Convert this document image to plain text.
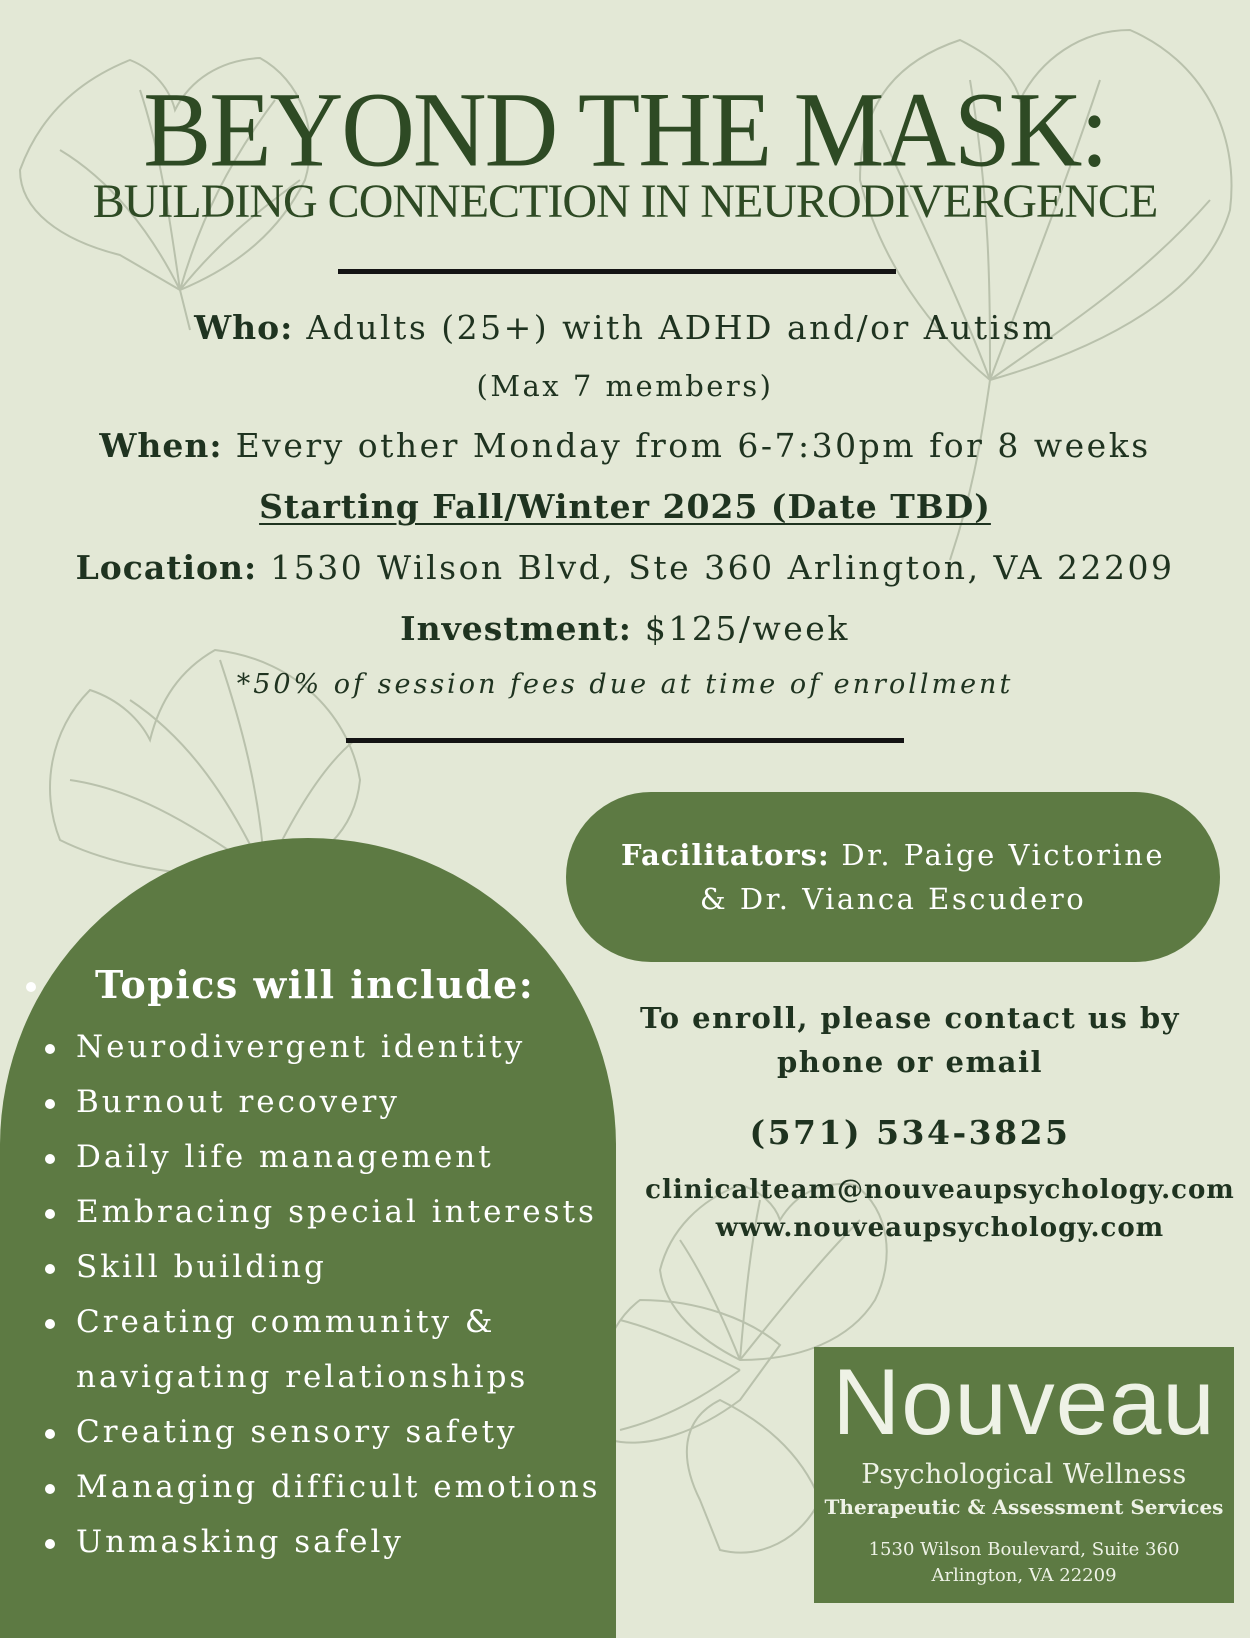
BEYOND THE MASK:
BUILDING CONNECTION IN NEURODIVERGENCE
Who: Adults (25+) with ADHD and/or Autism
(Max 7 members)
When: Every other Monday from 6-7:30pm for 8 weeks
Starting Fall/Winter 2025 (Date TBD)
Location: 1530 Wilson Blvd, Ste 360 Arlington, VA 22209
Investment: $125/week
*50% of session fees due at time of enrollment
Facilitators: Dr. Paige Victorine
& Dr. Vianca Escudero
Topics will include:
Neurodivergent identity
Burnout recovery
Daily life management
Embracing special interests
Skill building
Creating community &
navigating relationships
Creating sensory safety
Managing difficult emotions
Unmasking safely
To enroll, please contact us by
phone or email
(571) 534-3825
clinicalteam@nouveaupsychology.com
www.nouveaupsychology.com
Nouveau
Psychological Wellness
Therapeutic & Assessment Services
1530 Wilson Boulevard, Suite 360
Arlington, VA 22209
